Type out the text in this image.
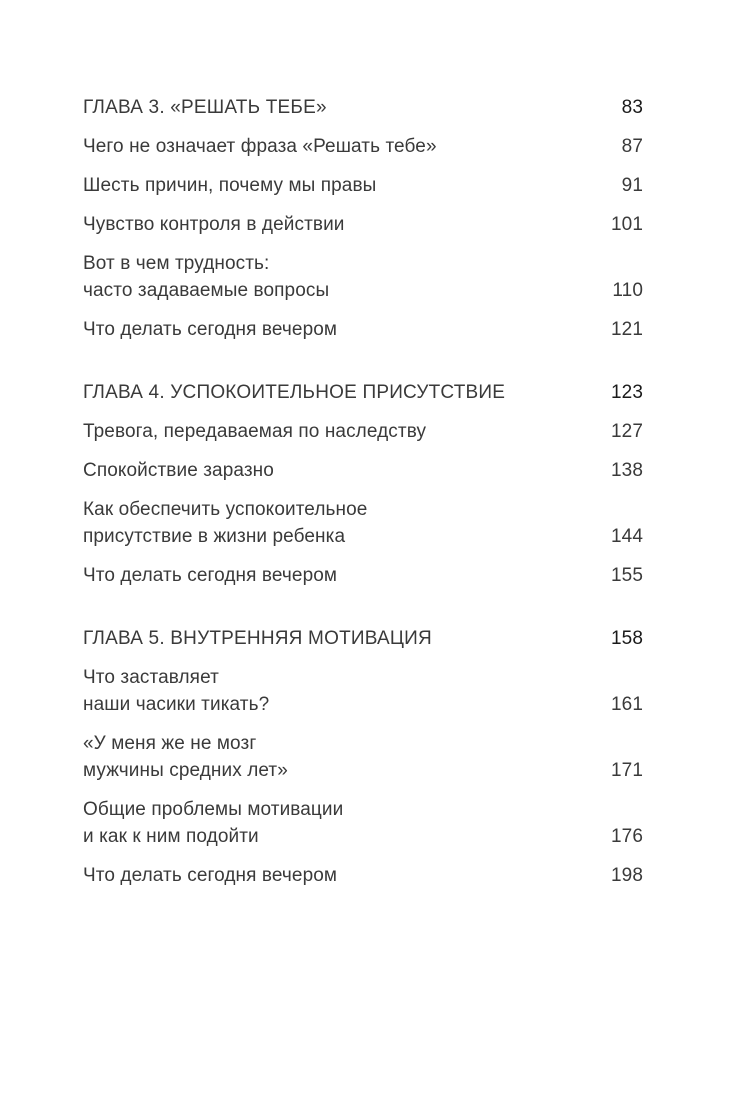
ГЛАВА 3. «РЕШАТЬ ТЕБЕ»	83
Чего не означает фраза «Решать тебе»	87
Шесть причин, почему мы правы	91
Чувство контроля в действии	101
Вот в чем трудность:
часто задаваемые вопросы	110
Что делать сегодня вечером	121
ГЛАВА 4. УСПОКОИТЕЛЬНОЕ ПРИСУТСТВИЕ	123
Тревога, передаваемая по наследству	127
Спокойствие заразно	138
Как обеспечить успокоительное
присутствие в жизни ребенка	144
Что делать сегодня вечером	155
ГЛАВА 5. ВНУТРЕННЯЯ МОТИВАЦИЯ	158
Что заставляет
наши часики тикать?	161
«У меня же не мозг
мужчины средних лет»	171
Общие проблемы мотивации
и как к ним подойти	176
Что делать сегодня вечером	198
